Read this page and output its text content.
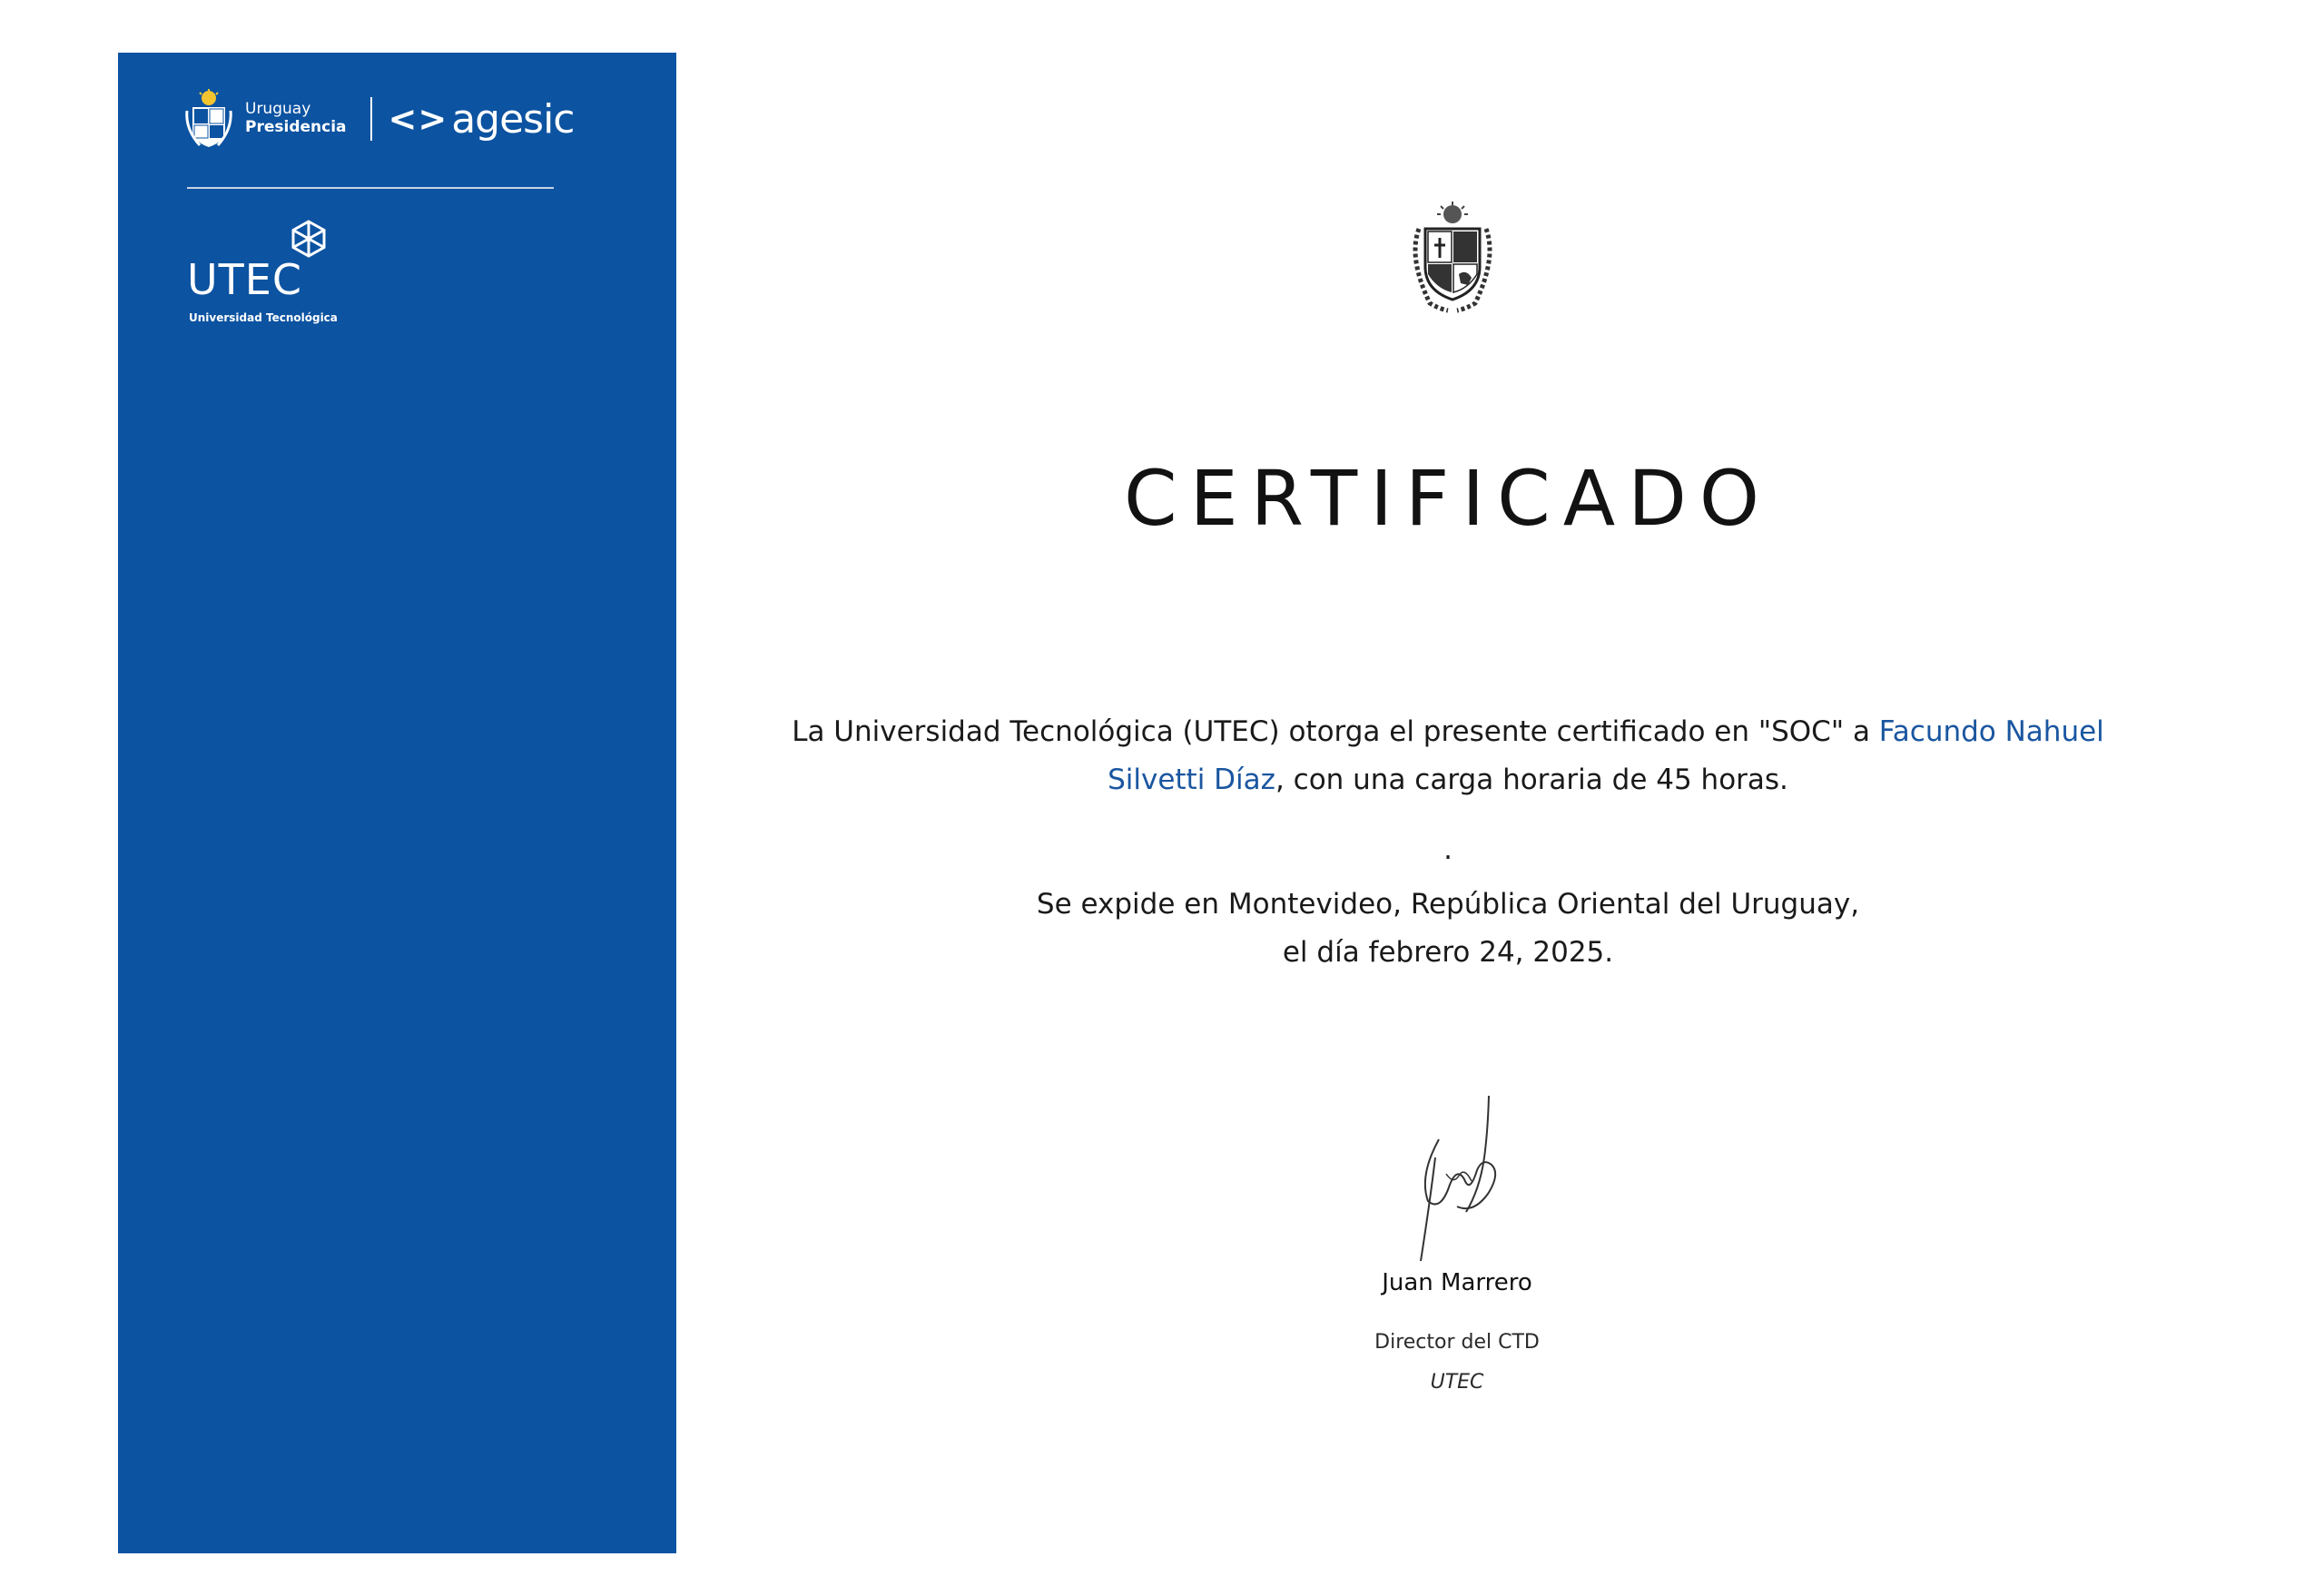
Uruguay
Presidencia <> agesic
UTEC
Universidad Tecnológica
CERTIFICADO
La Universidad Tecnológica (UTEC) otorga el presente certificado en "SOC" a Facundo Nahuel Silvetti Díaz, con una carga horaria de 45 horas.
.
Se expide en Montevideo, República Oriental del Uruguay,
el día febrero 24, 2025.
Juan Marrero
Director del CTD
UTEC
